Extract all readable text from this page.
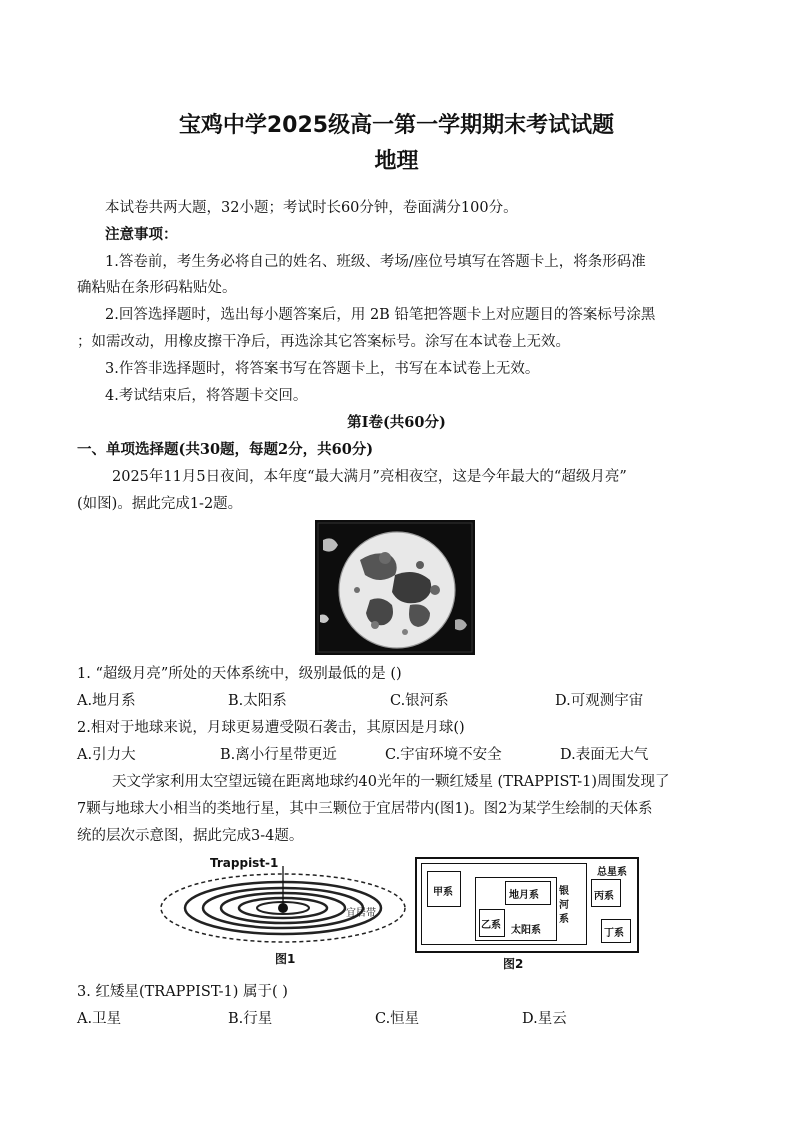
宝鸡中学2025级高一第一学期期末考试试题
地理
本试卷共两大题，32小题；考试时长60分钟，卷面满分100分。
注意事项：
1.答卷前，考生务必将自己的姓名、班级、考场/座位号填写在答题卡上，将条形码准
确粘贴在条形码粘贴处。
2.回答选择题时，选出每小题答案后，用 2B 铅笔把答题卡上对应题目的答案标号涂黑
；如需改动，用橡皮擦干净后，再选涂其它答案标号。涂写在本试卷上无效。
3.作答非选择题时，将答案书写在答题卡上，书写在本试卷上无效。
4.考试结束后，将答题卡交回。
第Ⅰ卷(共60分)
一、单项选择题(共30题，每题2分，共60分)
2025年11月5日夜间，本年度“最大满月”亮相夜空，这是今年最大的“超级月亮”
(如图)。据此完成1-2题。
1. “超级月亮”所处的天体系统中，级别最低的是 ()
A.地月系	B.太阳系	C.银河系	D.可观测宇宙
2.相对于地球来说，月球更易遭受陨石袭击，其原因是月球()
A.引力大	B.离小行星带更近	C.宇宙环境不安全	D.表面无大气
天文学家利用太空望远镜在距离地球约40光年的一颗红矮星 (TRAPPIST-1)周围发现了
7颗与地球大小相当的类地行星，其中三颗位于宜居带内(图1)。图2为某学生绘制的天体系
统的层次示意图，据此完成3-4题。
Trappist-1
宜居带
图1
总星系
甲系	地月系 银河系
丙系
乙系 太阳系	丁系
图2
3. 红矮星(TRAPPIST-1) 属于( )
A.卫星	B.行星	C.恒星	D.星云
